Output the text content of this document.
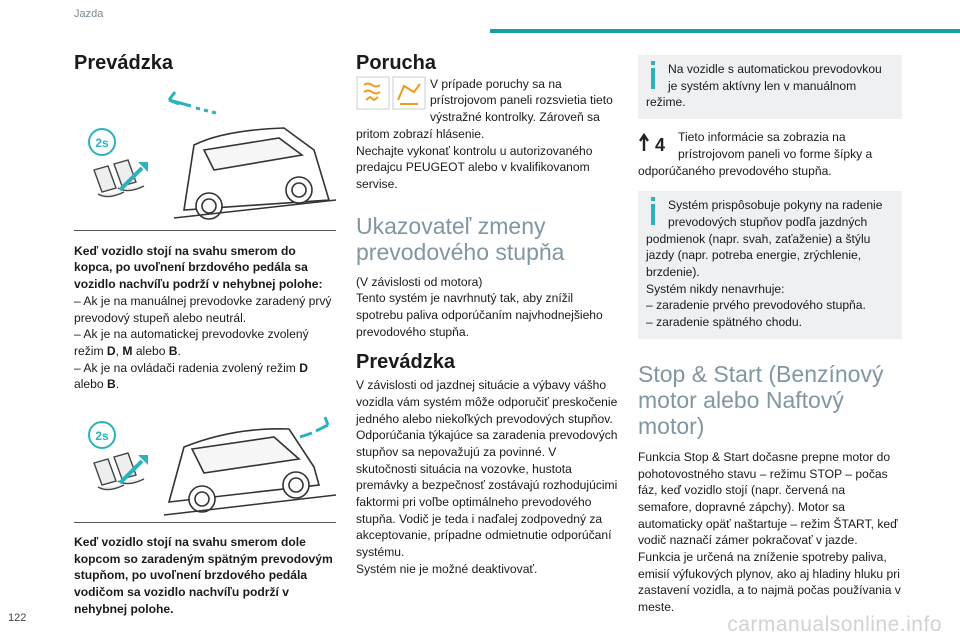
Jazda
Prevádzka
2s

Keď vozidlo stojí na svahu smerom do kopca, po uvoľnení brzdového pedála sa vozidlo nachvíľu podrží v nehybnej polohe:

– Ak je na manuálnej prevodovke zaradený prvý prevodový stupeň alebo neutrál.

– Ak je na automatickej prevodovke zvolený režim D, M alebo B.

– Ak je na ovládači radenia zvolený režim D alebo B.

2s

Keď vozidlo stojí na svahu smerom dole kopcom so zaradeným spätným prevodovým stupňom, po uvoľnení brzdového pedála vodičom sa vozidlo nachvíľu podrží v nehybnej polohe.

Porucha

V prípade poruchy sa na prístrojovom paneli rozsvietia tieto výstražné kontrolky. Zároveň sa pritom zobrazí hlásenie.

Nechajte vykonať kontrolu u autorizovaného predajcu PEUGEOT alebo v kvalifikovanom servise.

Ukazovateľ zmeny prevodového stupňa

(V závislosti od motora)

Tento systém je navrhnutý tak, aby znížil spotrebu paliva odporúčaním najvhodnejšieho prevodového stupňa.

Prevádzka

V závislosti od jazdnej situácie a výbavy vášho vozidla vám systém môže odporučiť preskočenie jedného alebo niekoľkých prevodových stupňov. Odporúčania týkajúce sa zaradenia prevodových stupňov sa nepovažujú za povinné. V skutočnosti situácia na vozovke, hustota premávky a bezpečnosť zostávajú rozhodujúcimi faktormi pri voľbe optimálneho prevodového stupňa. Vodič je teda i naďalej zodpovedný za akceptovanie, prípadne odmietnutie odporúčaní systému.

Systém nie je možné deaktivovať.

Na vozidle s automatickou prevodovkou je systém aktívny len v manuálnom režime.

4	Tieto informácie sa zobrazia na prístrojovom paneli vo forme šípky a odporúčaného prevodového stupňa.

Systém prispôsobuje pokyny na radenie prevodových stupňov podľa jazdných podmienok (napr. svah, zaťaženie) a štýlu jazdy (napr. potreba energie, zrýchlenie, brzdenie).

Systém nikdy nenavrhuje:

– zaradenie prvého prevodového stupňa.

– zaradenie spätného chodu.

Stop & Start (Benzínový motor alebo Naftový motor)

Funkcia Stop & Start dočasne prepne motor do pohotovostného stavu – režimu STOP – počas fáz, keď vozidlo stojí (napr. červená na semafore, dopravné zápchy). Motor sa automaticky opäť naštartuje – režim ŠTART, keď vodič naznačí zámer pokračovať v jazde.

Funkcia je určená na zníženie spotreby paliva, emisií výfukových plynov, ako aj hladiny hluku pri zastavení vozidla, a to najmä počas používania v meste.

122	carmanualsonline.info
